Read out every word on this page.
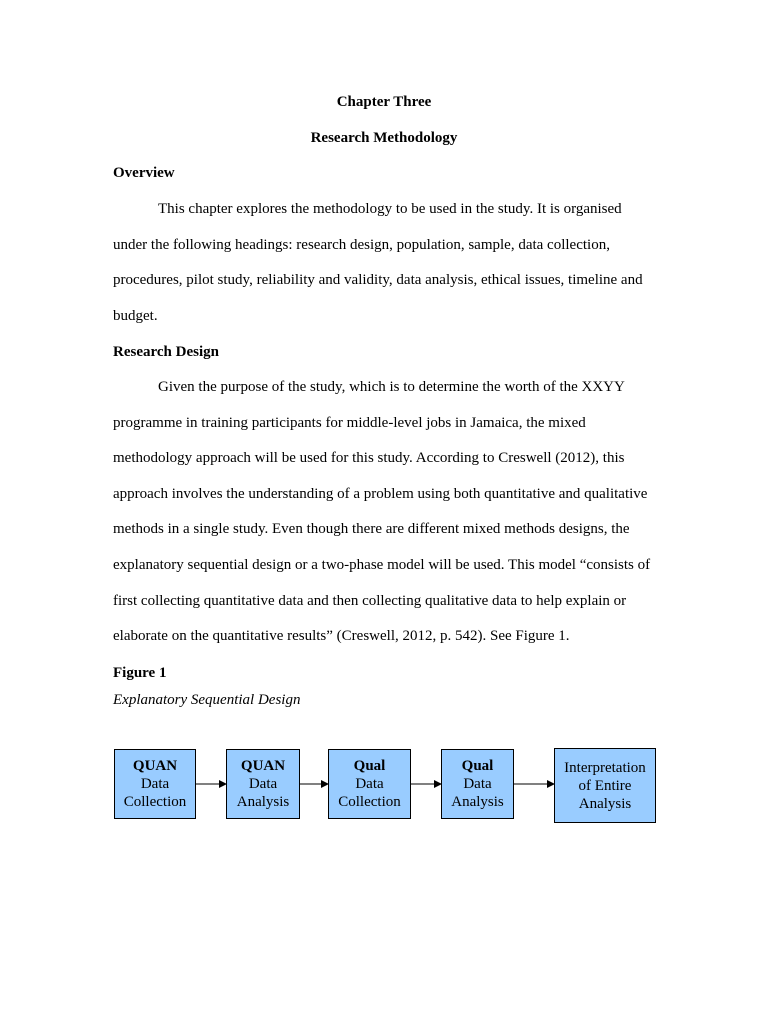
Chapter Three
Research Methodology
Overview

This chapter explores the methodology to be used in the study. It is organised under the following headings: research design, population, sample, data collection, procedures, pilot study, reliability and validity, data analysis, ethical issues, timeline and budget.

Research Design

Given the purpose of the study, which is to determine the worth of the XXYY programme in training participants for middle-level jobs in Jamaica, the mixed methodology approach will be used for this study. According to Creswell (2012), this approach involves the understanding of a problem using both quantitative and qualitative methods in a single study. Even though there are different mixed methods designs, the explanatory sequential design or a two-phase model will be used. This model “consists of first collecting quantitative data and then collecting qualitative data to help explain or elaborate on the quantitative results” (Creswell, 2012, p. 542). See Figure 1.

Figure 1

Explanatory Sequential Design

QUAN
Data
Collection
QUAN
Data
Analysis
Qual
Data
Collection
Qual
Data
Analysis
Interpretation
of Entire
Analysis
